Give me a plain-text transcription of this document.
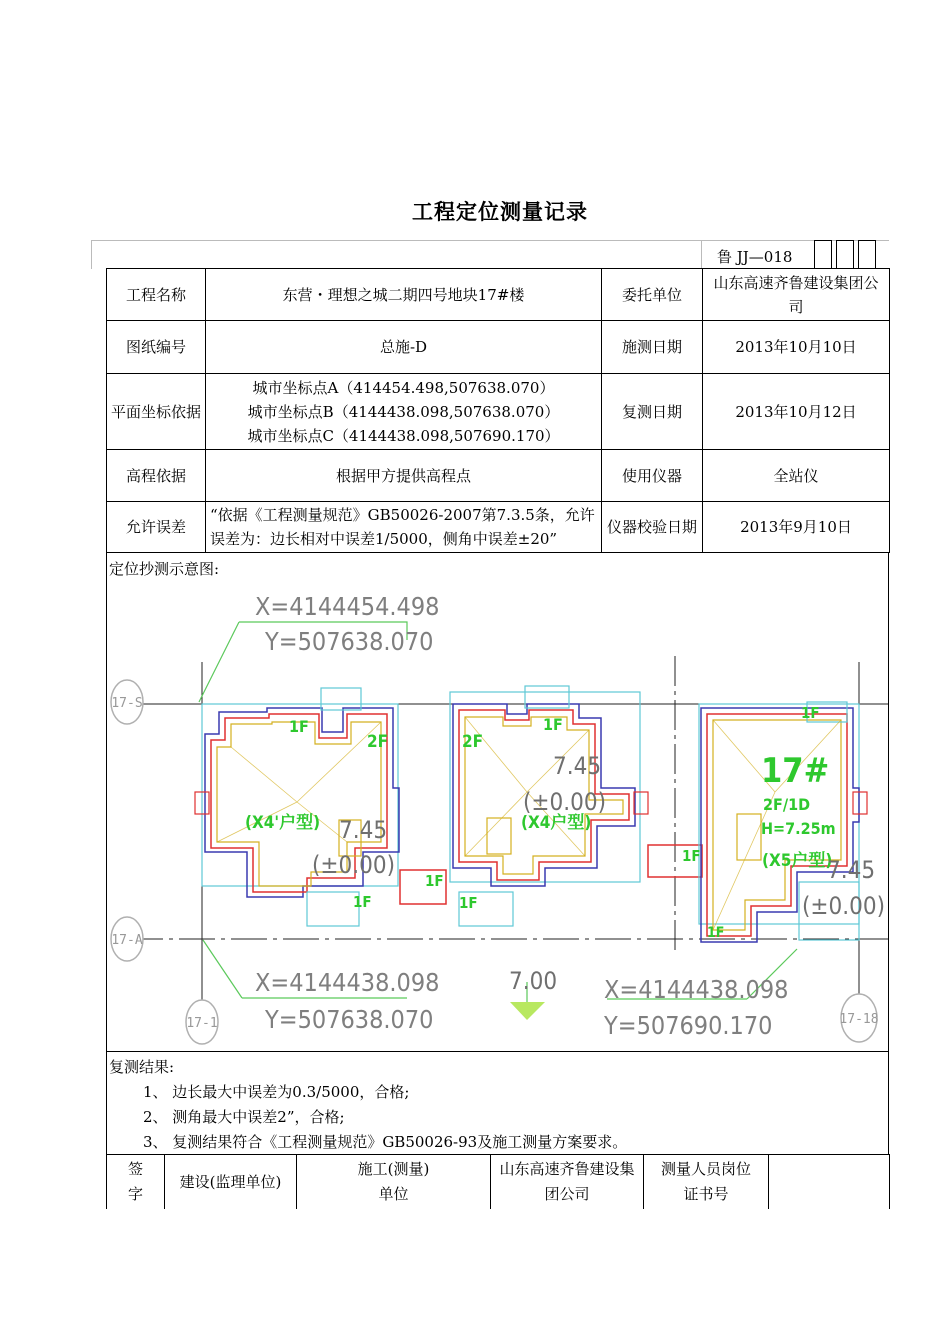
工程定位测量记录
鲁 JJ—018
工程名称	东营・理想之城二期四号地块17#楼	委托单位	山东高速齐鲁建设集团公司
图纸编号	总施-D	施测日期	2013年10月10日
平面坐标依据	城市坐标点A（414454.498,507638.070）
城市坐标点B（4144438.098,507638.070）
城市坐标点C（4144438.098,507690.170）	复测日期	2013年10月12日
高程依据	根据甲方提供高程点	使用仪器	全站仪
允许误差	“依据《工程测量规范》GB50026-2007第7.3.5条，允许误差为：边长相对中误差1/5000，侧角中误差±20”	仪器校验日期	2013年9月10日
定位抄测示意图:
17-S
17-A
17-1	17-18
1F
2F
(X4'户型)
1F
1F
2F
1F
(X4户型)
1F
1F
1F
17#
2F/1D
H=7.25m
(X5户型)
1F
7.45
(±0.00)
7.45
(±0.00)
7.45
(±0.00)
7.00
X=4144454.498
Y=507638.070
X=4144438.098
Y=507638.070
X=4144438.098
Y=507690.170
复测结果:
1、 边长最大中误差为0.3/5000，合格;
2、 测角最大中误差2”，合格;
3、 复测结果符合《工程测量规范》GB50026-93及施工测量方案要求。
签字	建设(监理单位)	施工(测量)单位	山东高速齐鲁建设集团公司	测量人员岗位证书号	
